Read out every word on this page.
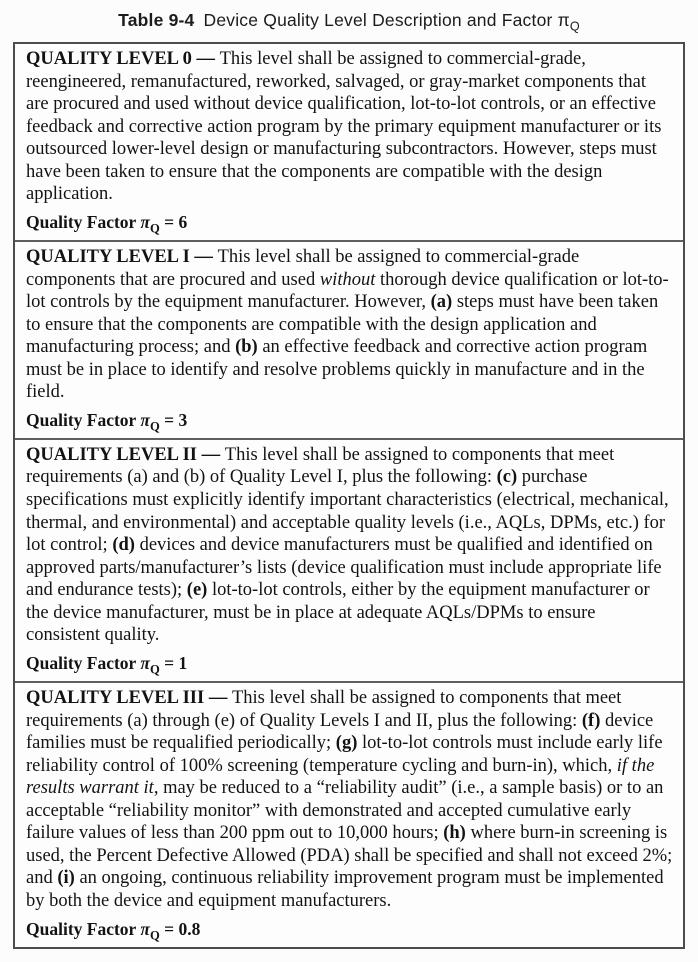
Table 9-4 Device Quality Level Description and Factor $\pi_Q$

QUALITY LEVEL 0 — This level shall be assigned to commercial-grade, reengineered, remanufactured, reworked, salvaged, or gray-market components that are procured and used without device qualification, lot-to-lot controls, or an effective feedback and corrective action program by the primary equipment manufacturer or its outsourced lower-level design or manufacturing subcontractors. However, steps must have been taken to ensure that the components are compatible with the design application.

Quality Factor $\pi_Q = 6$

QUALITY LEVEL I — This level shall be assigned to commercial-grade components that are procured and used without thorough device qualification or lot-to-lot controls by the equipment manufacturer. However, (a) steps must have been taken to ensure that the components are compatible with the design application and manufacturing process; and (b) an effective feedback and corrective action program must be in place to identify and resolve problems quickly in manufacture and in the field.

Quality Factor $\pi_Q = 3$

QUALITY LEVEL II — This level shall be assigned to components that meet requirements (a) and (b) of Quality Level I, plus the following: (c) purchase specifications must explicitly identify important characteristics (electrical, mechanical, thermal, and environmental) and acceptable quality levels (i.e., AQLs, DPMs, etc.) for lot control; (d) devices and device manufacturers must be qualified and identified on approved parts/manufacturer’s lists (device qualification must include appropriate life and endurance tests); (e) lot-to-lot controls, either by the equipment manufacturer or the device manufacturer, must be in place at adequate AQLs/DPMs to ensure consistent quality.

Quality Factor $\pi_Q = 1$

QUALITY LEVEL III — This level shall be assigned to components that meet requirements (a) through (e) of Quality Levels I and II, plus the following: (f) device families must be requalified periodically; (g) lot-to-lot controls must include early life reliability control of 100% screening (temperature cycling and burn-in), which, if the results warrant it, may be reduced to a “reliability audit” (i.e., a sample basis) or to an acceptable “reliability monitor” with demonstrated and accepted cumulative early failure values of less than 200 ppm out to 10,000 hours; (h) where burn-in screening is used, the Percent Defective Allowed (PDA) shall be specified and shall not exceed 2%; and (i) an ongoing, continuous reliability improvement program must be implemented by both the device and equipment manufacturers.

Quality Factor $\pi_Q = 0.8$
